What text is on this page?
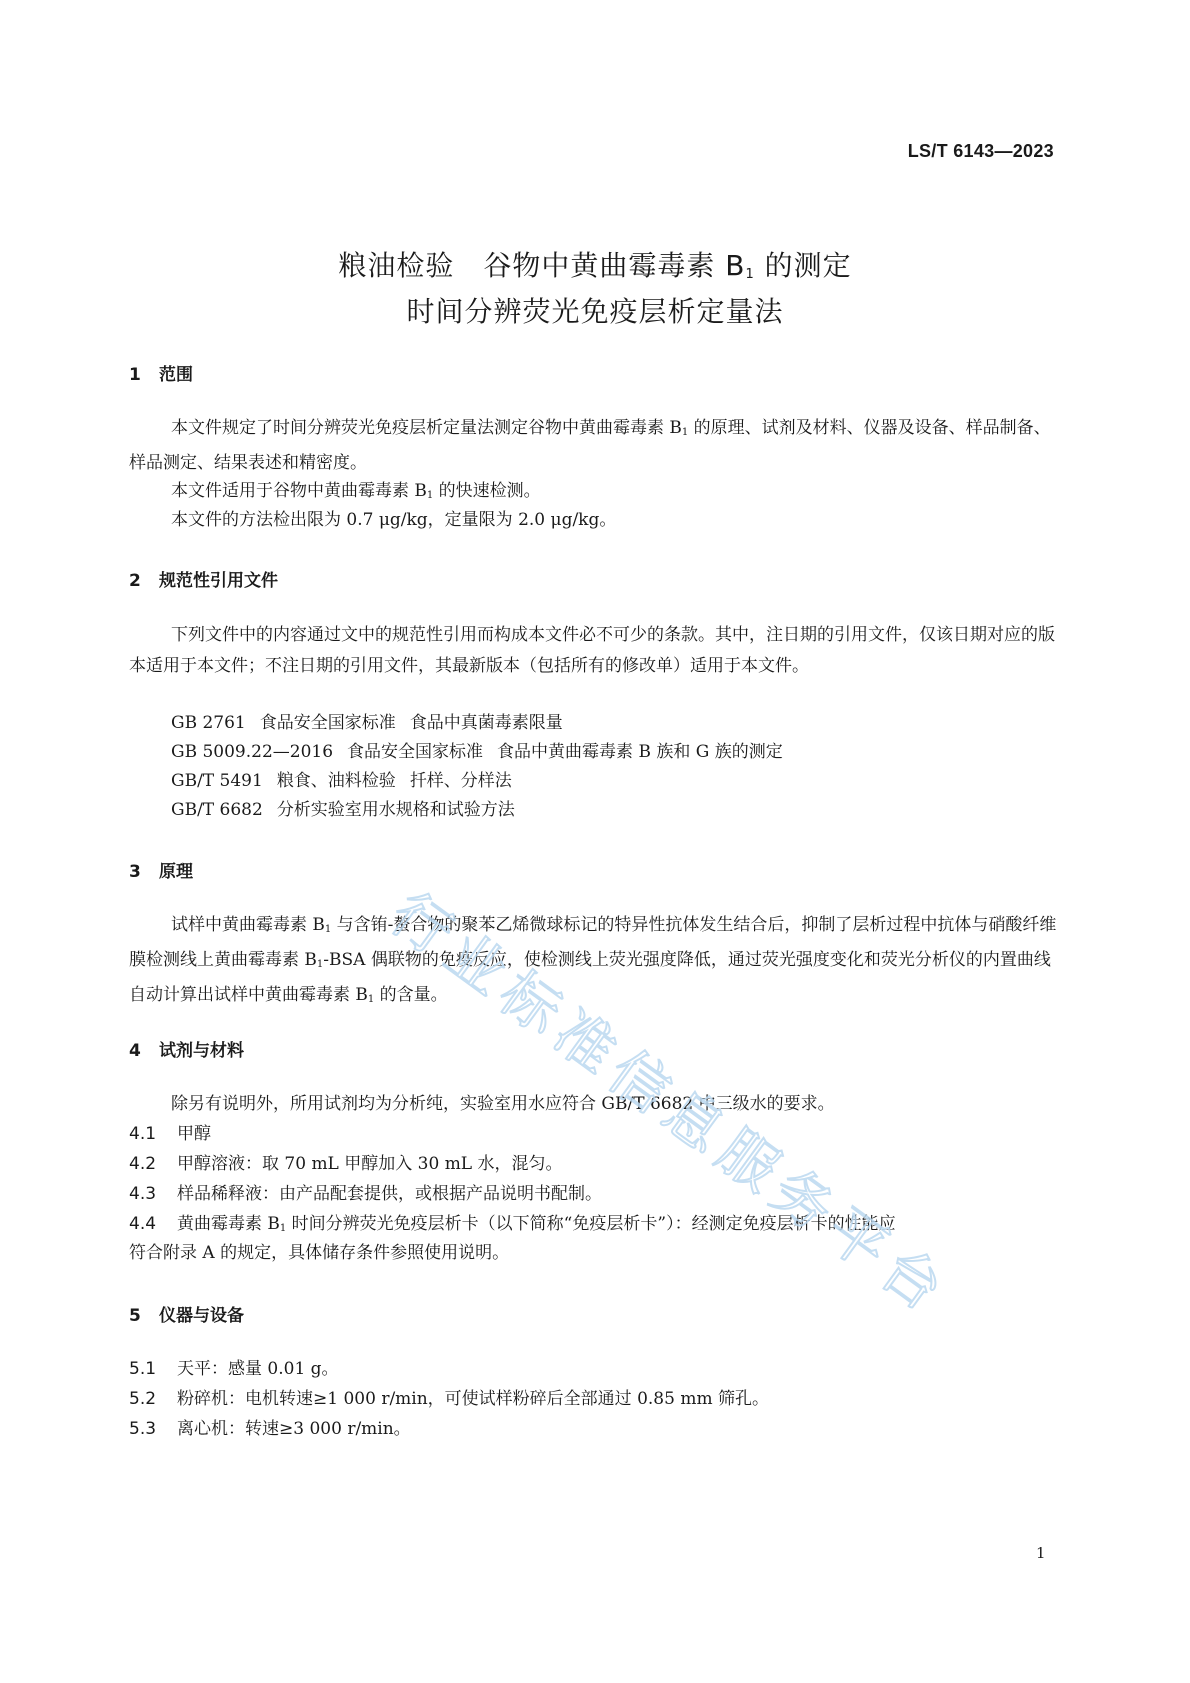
LS/T 6143—2023
粮油检验　谷物中黄曲霉毒素 $B_1$ 的测定
时间分辨荧光免疫层析定量法
1 范围
本文件规定了时间分辨荧光免疫层析定量法测定谷物中黄曲霉毒素 $B_1$ 的原理、试剂及材料、仪器及设备、样品制备、样品测定、结果表述和精密度。
本文件适用于谷物中黄曲霉毒素 $B_1$ 的快速检测。
本文件的方法检出限为 0.7 μg/kg，定量限为 2.0 μg/kg。
2 规范性引用文件
下列文件中的内容通过文中的规范性引用而构成本文件必不可少的条款。其中，注日期的引用文件，仅该日期对应的版本适用于本文件；不注日期的引用文件，其最新版本（包括所有的修改单）适用于本文件。
GB 2761 食品安全国家标准 食品中真菌毒素限量
GB 5009.22—2016 食品安全国家标准 食品中黄曲霉毒素 B 族和 G 族的测定
GB/T 5491 粮食、油料检验 扦样、分样法
GB/T 6682 分析实验室用水规格和试验方法
3 原理
试样中黄曲霉毒素 $B_1$ 与含铕-螯合物的聚苯乙烯微球标记的特异性抗体发生结合后，抑制了层析过程中抗体与硝酸纤维膜检测线上黄曲霉毒素 $B_1$-BSA 偶联物的免疫反应，使检测线上荧光强度降低，通过荧光强度变化和荧光分析仪的内置曲线自动计算出试样中黄曲霉毒素 $B_1$ 的含量。
4 试剂与材料
除另有说明外，所用试剂均为分析纯，实验室用水应符合 GB/T 6682 中三级水的要求。
4.1 甲醇
4.2 甲醇溶液：取 70 mL 甲醇加入 30 mL 水，混匀。
4.3 样品稀释液：由产品配套提供，或根据产品说明书配制。
4.4 黄曲霉毒素 $B_1$ 时间分辨荧光免疫层析卡（以下简称“免疫层析卡”）：经测定免疫层析卡的性能应
符合附录 A 的规定，具体储存条件参照使用说明。
5 仪器与设备
5.1 天平：感量 0.01 g。
5.2 粉碎机：电机转速≥1 000 r/min，可使试样粉碎后全部通过 0.85 mm 筛孔。
5.3 离心机：转速≥3 000 r/min。
1
行
业
标
准
信
息
服
务
平
台
